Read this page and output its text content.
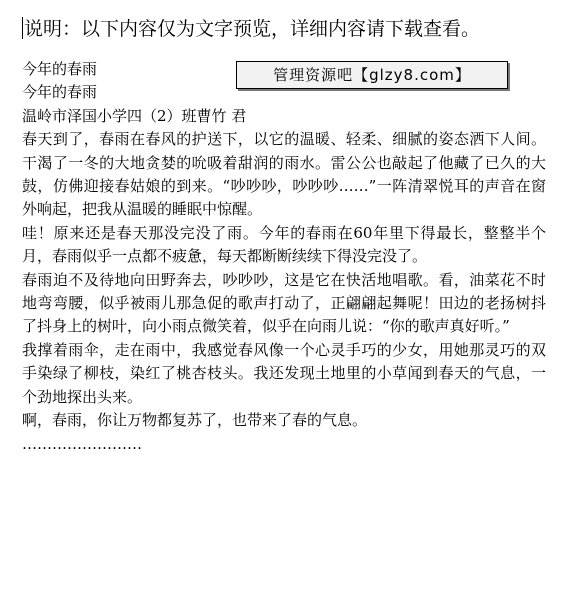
说明：以下内容仅为文字预览，详细内容请下载查看。
管理资源吧【glzy8.com】

今年的春雨

今年的春雨

温岭市泽国小学四（2）班曹竹 君

春天到了，春雨在春风的护送下，以它的温暖、轻柔、细腻的姿态洒下人间。干渴了一冬的大地贪婪的吮吸着甜润的雨水。雷公公也敲起了他藏了已久的大鼓，仿佛迎接春姑娘的到来。“吵吵吵，吵吵吵……”一阵清翠悦耳的声音在窗外响起，把我从温暖的睡眠中惊醒。

哇！原来还是春天那没完没了雨。今年的春雨在60年里下得最长，整整半个月，春雨似乎一点都不疲惫，每天都断断续续下得没完没了。

春雨迫不及待地向田野奔去，吵吵吵，这是它在快活地唱歌。看，油菜花不时地弯弯腰，似乎被雨儿那急促的歌声打动了，正翩翩起舞呢！田边的老扬树抖了抖身上的树叶，向小雨点微笑着，似乎在向雨儿说：“你的歌声真好听。”

我撑着雨伞，走在雨中，我感觉春风像一个心灵手巧的少女，用她那灵巧的双手染绿了柳枝，染红了桃杏枝头。我还发现土地里的小草闻到春天的气息，一个劲地探出头来。

啊，春雨，你让万物都复苏了，也带来了春的气息。

……………………
